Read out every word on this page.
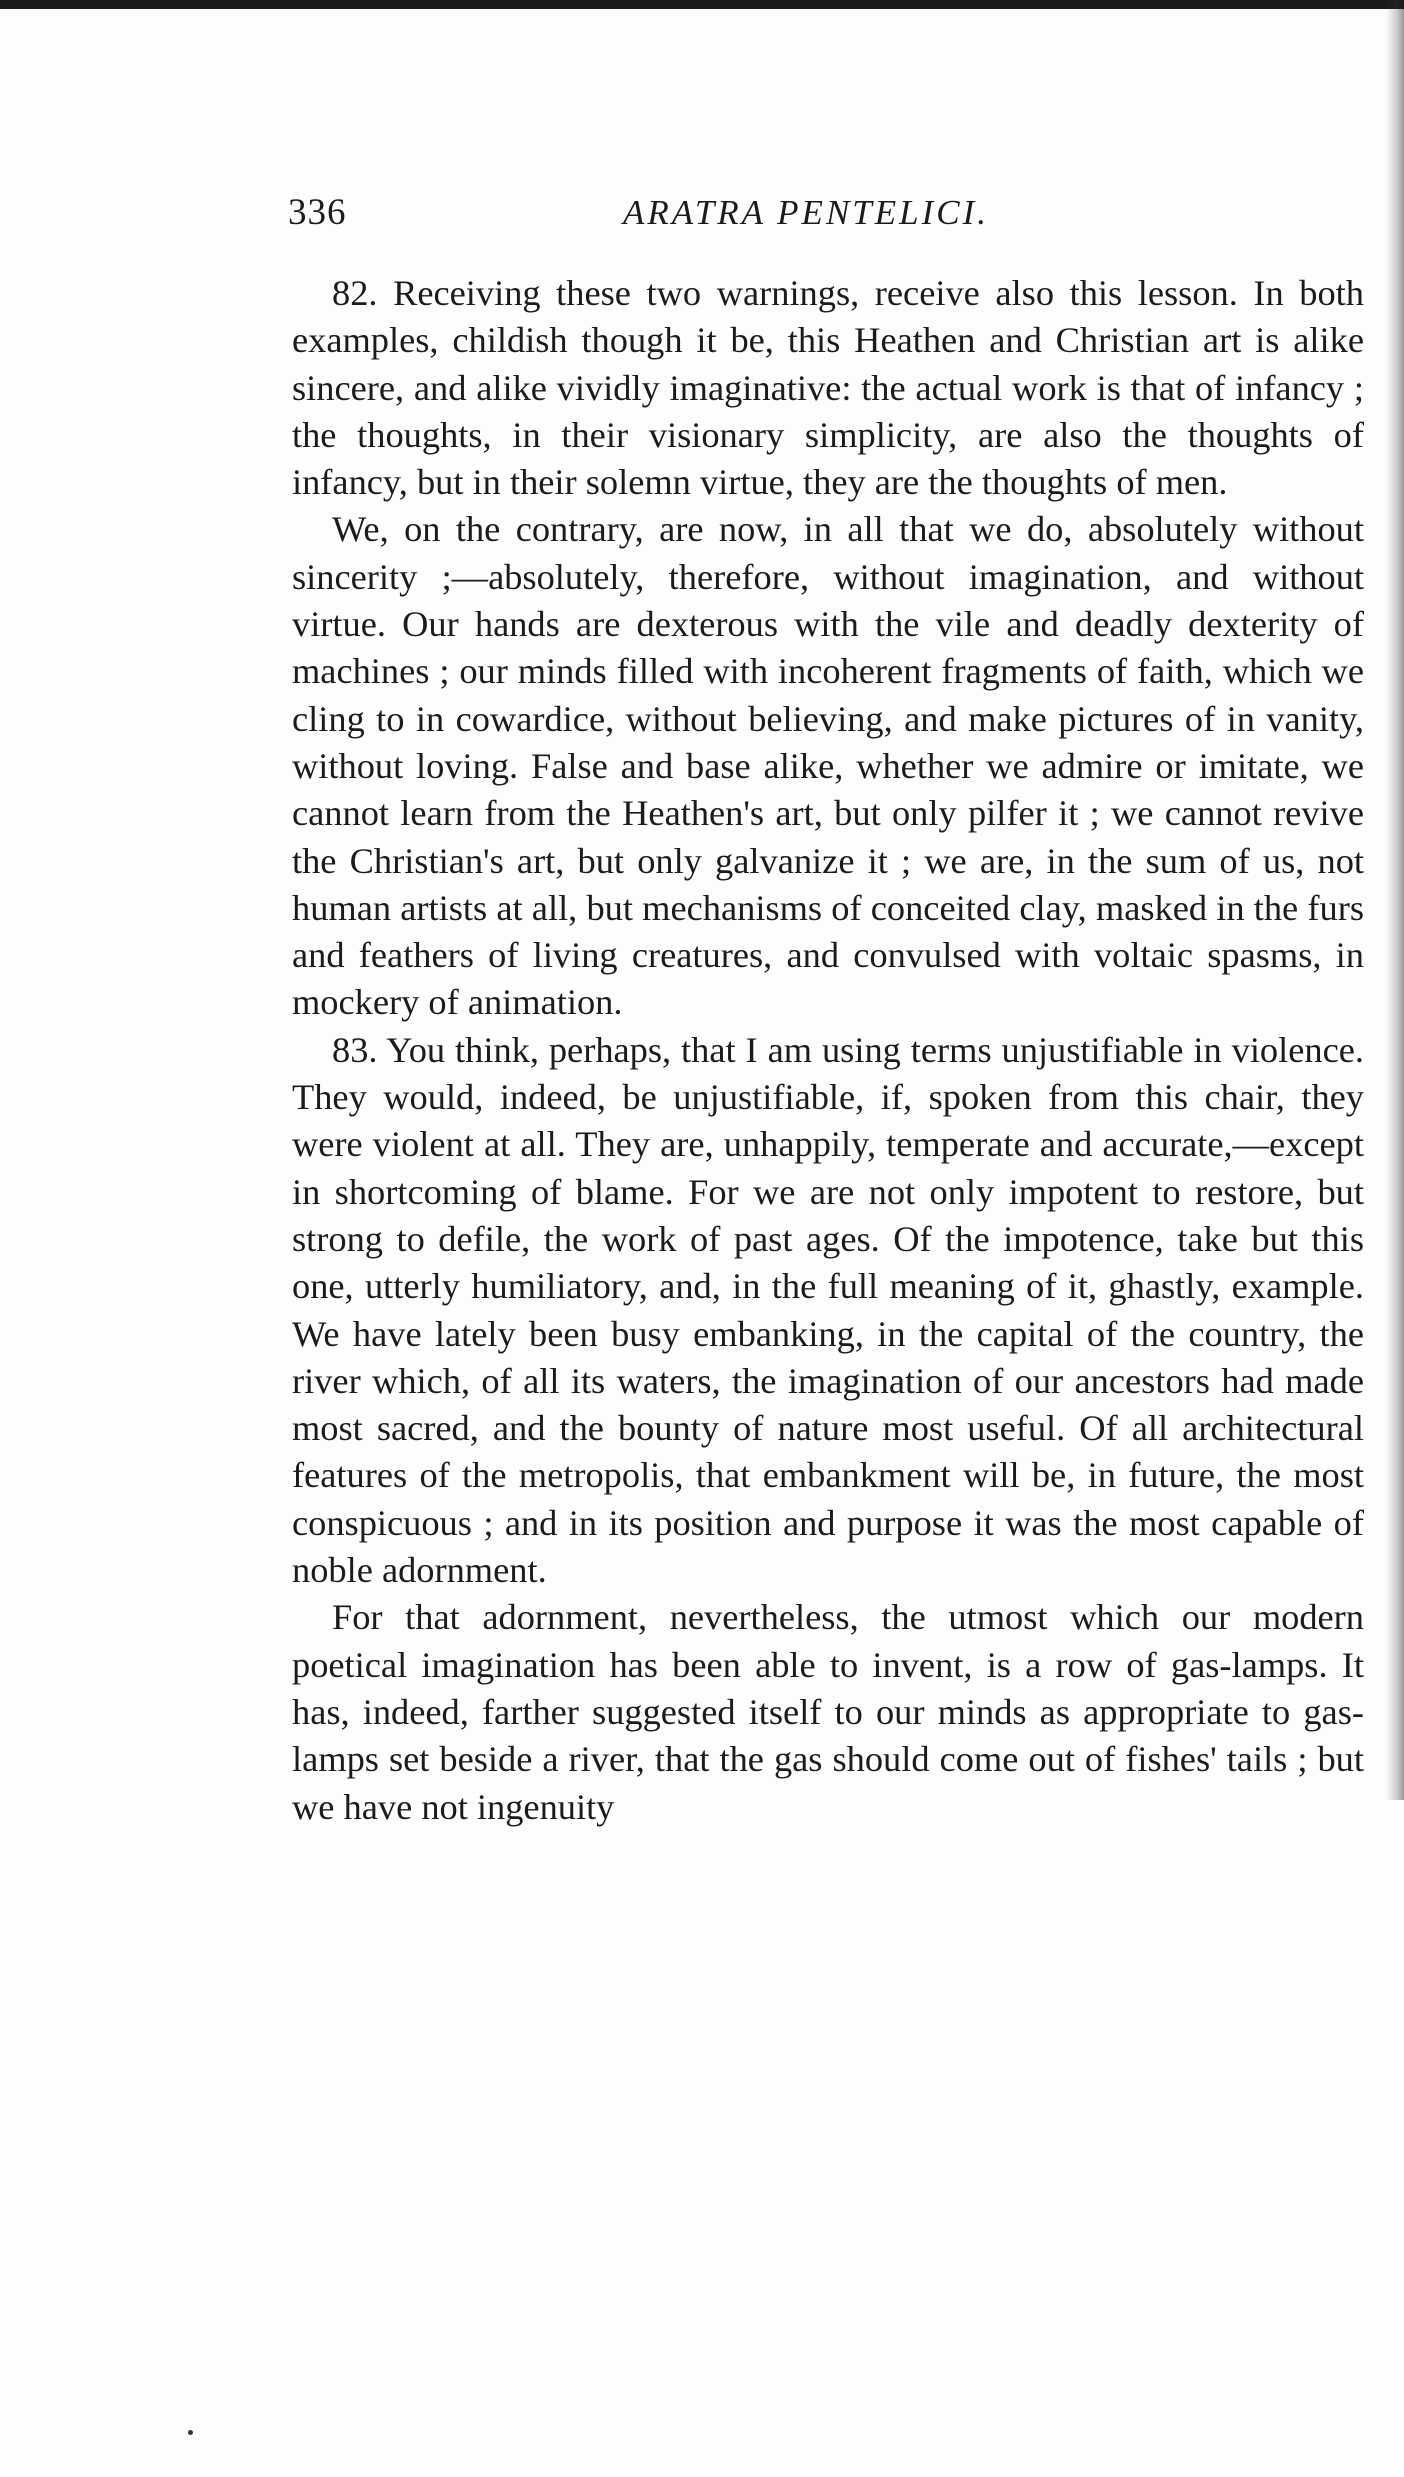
336	ARATRA PENTELICI.

82. Receiving these two warnings, receive also this lesson. In both examples, childish though it be, this Heathen and Christian art is alike sincere, and alike vividly imaginative: the actual work is that of infancy ; the thoughts, in their visionary simplicity, are also the thoughts of infancy, but in their solemn virtue, they are the thoughts of men.

We, on the contrary, are now, in all that we do, absolutely without sincerity ;—absolutely, therefore, without imagination, and without virtue. Our hands are dexterous with the vile and deadly dexterity of machines ; our minds filled with incoherent fragments of faith, which we cling to in cowardice, without believing, and make pictures of in vanity, without loving. False and base alike, whether we admire or imitate, we cannot learn from the Heathen's art, but only pilfer it ; we cannot revive the Christian's art, but only galvanize it ; we are, in the sum of us, not human artists at all, but mechanisms of conceited clay, masked in the furs and feathers of living creatures, and convulsed with voltaic spasms, in mockery of animation.

83. You think, perhaps, that I am using terms unjustifiable in violence. They would, indeed, be unjustifiable, if, spoken from this chair, they were violent at all. They are, unhappily, temperate and accurate,—except in shortcoming of blame. For we are not only impotent to restore, but strong to defile, the work of past ages. Of the impotence, take but this one, utterly humiliatory, and, in the full meaning of it, ghastly, example. We have lately been busy embanking, in the capital of the country, the river which, of all its waters, the imagination of our ancestors had made most sacred, and the bounty of nature most useful. Of all architectural features of the metropolis, that embankment will be, in future, the most conspicuous ; and in its position and purpose it was the most capable of noble adornment.

For that adornment, nevertheless, the utmost which our modern poetical imagination has been able to invent, is a row of gas-lamps. It has, indeed, farther suggested itself to our minds as appropriate to gas-lamps set beside a river, that the gas should come out of fishes' tails ; but we have not ingenuity
